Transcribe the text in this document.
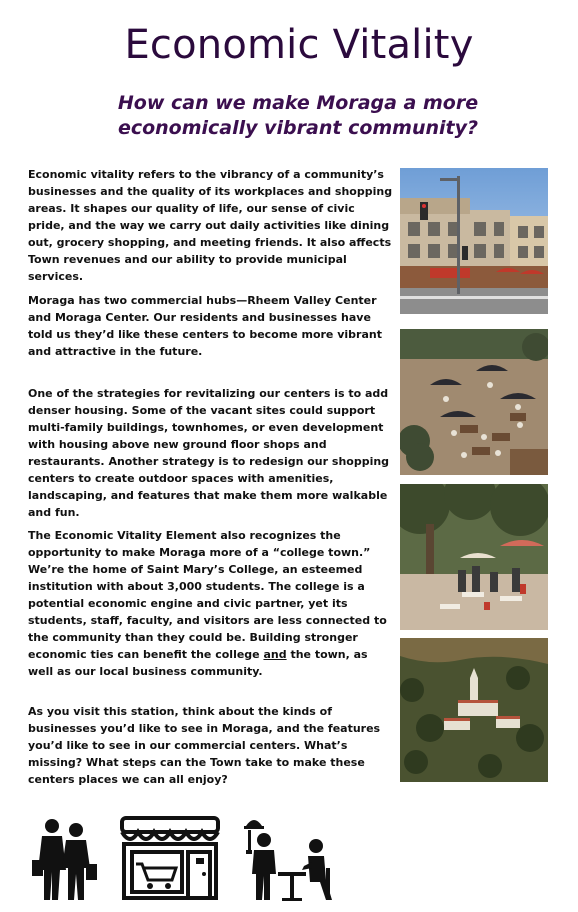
Economic Vitality
How can we make Moraga a more
economically vibrant community?
Economic vitality refers to the vibrancy of a community’s businesses and the quality of its workplaces and shopping areas. It shapes our quality of life, our sense of civic pride, and the way we carry out daily activities like dining out, grocery shopping, and meeting friends. It also affects Town revenues and our ability to provide municipal services.
Moraga has two commercial hubs—Rheem Valley Center and Moraga Center. Our residents and businesses have told us they’d like these centers to become more vibrant and attractive in the future.
One of the strategies for revitalizing our centers is to add denser housing. Some of the vacant sites could support multi-family buildings, townhomes, or even development with housing above new ground floor shops and restaurants. Another strategy is to redesign our shopping centers to create outdoor spaces with amenities, landscaping, and features that make them more walkable and fun.
The Economic Vitality Element also recognizes the opportunity to make Moraga more of a “college town.” We’re the home of Saint Mary’s College, an esteemed institution with about 3,000 students. The college is a potential economic engine and civic partner, yet its students, staff, faculty, and visitors are less connected to the community than they could be. Building stronger economic ties can benefit the college and the town, as well as our local business community.
As you visit this station, think about the kinds of businesses you’d like to see in Moraga, and the features you’d like to see in our commercial centers. What’s missing? What steps can the Town take to make these centers places we can all enjoy?
